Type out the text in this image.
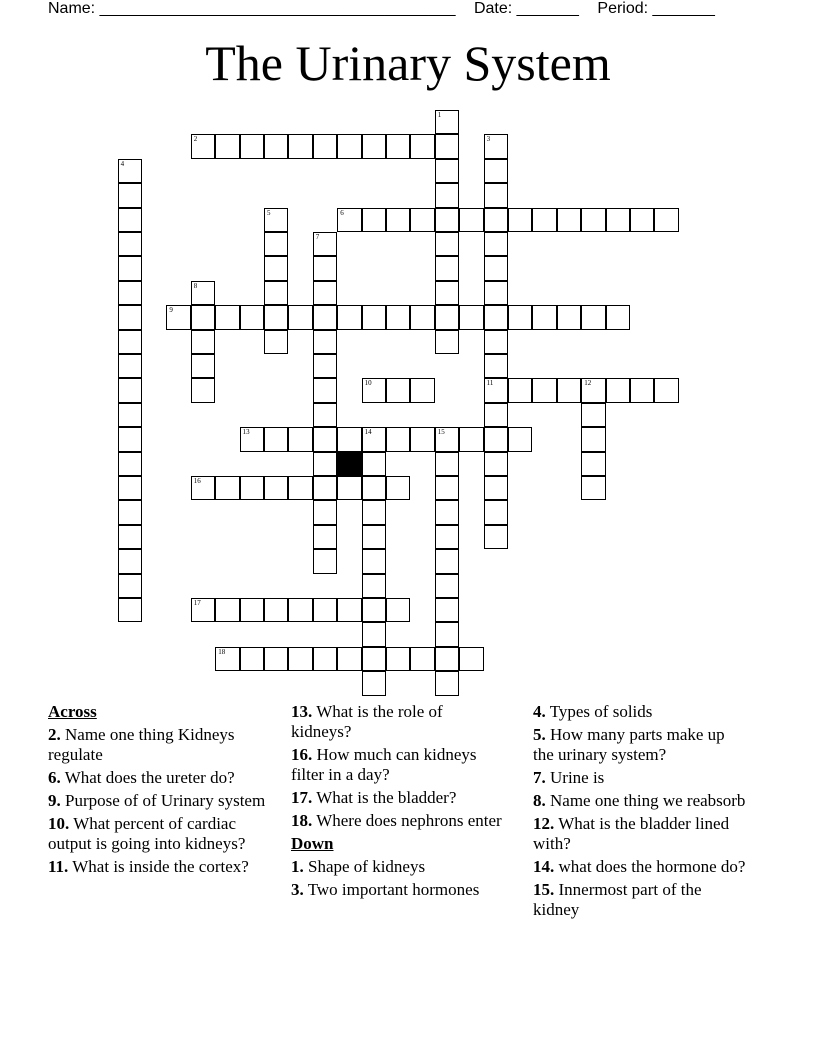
Name: ________________________________________ Date: _______ Period: _______
The Urinary System
2
6
9
10	11	12
13	14	15
16
17
18
1
3
4
5
7
8
Across
2. Name one thing Kidneys regulate
6. What does the ureter do?
9. Purpose of of Urinary system
10. What percent of cardiac output is going into kidneys?
11. What is inside the cortex?
13. What is the role of kidneys?
16. How much can kidneys filter in a day?
17. What is the bladder?
18. Where does nephrons enter
Down
1. Shape of kidneys
3. Two important hormones
4. Types of solids
5. How many parts make up the urinary system?
7. Urine is
8. Name one thing we reabsorb
12. What is the bladder lined with?
14. what does the hormone do?
15. Innermost part of the kidney
